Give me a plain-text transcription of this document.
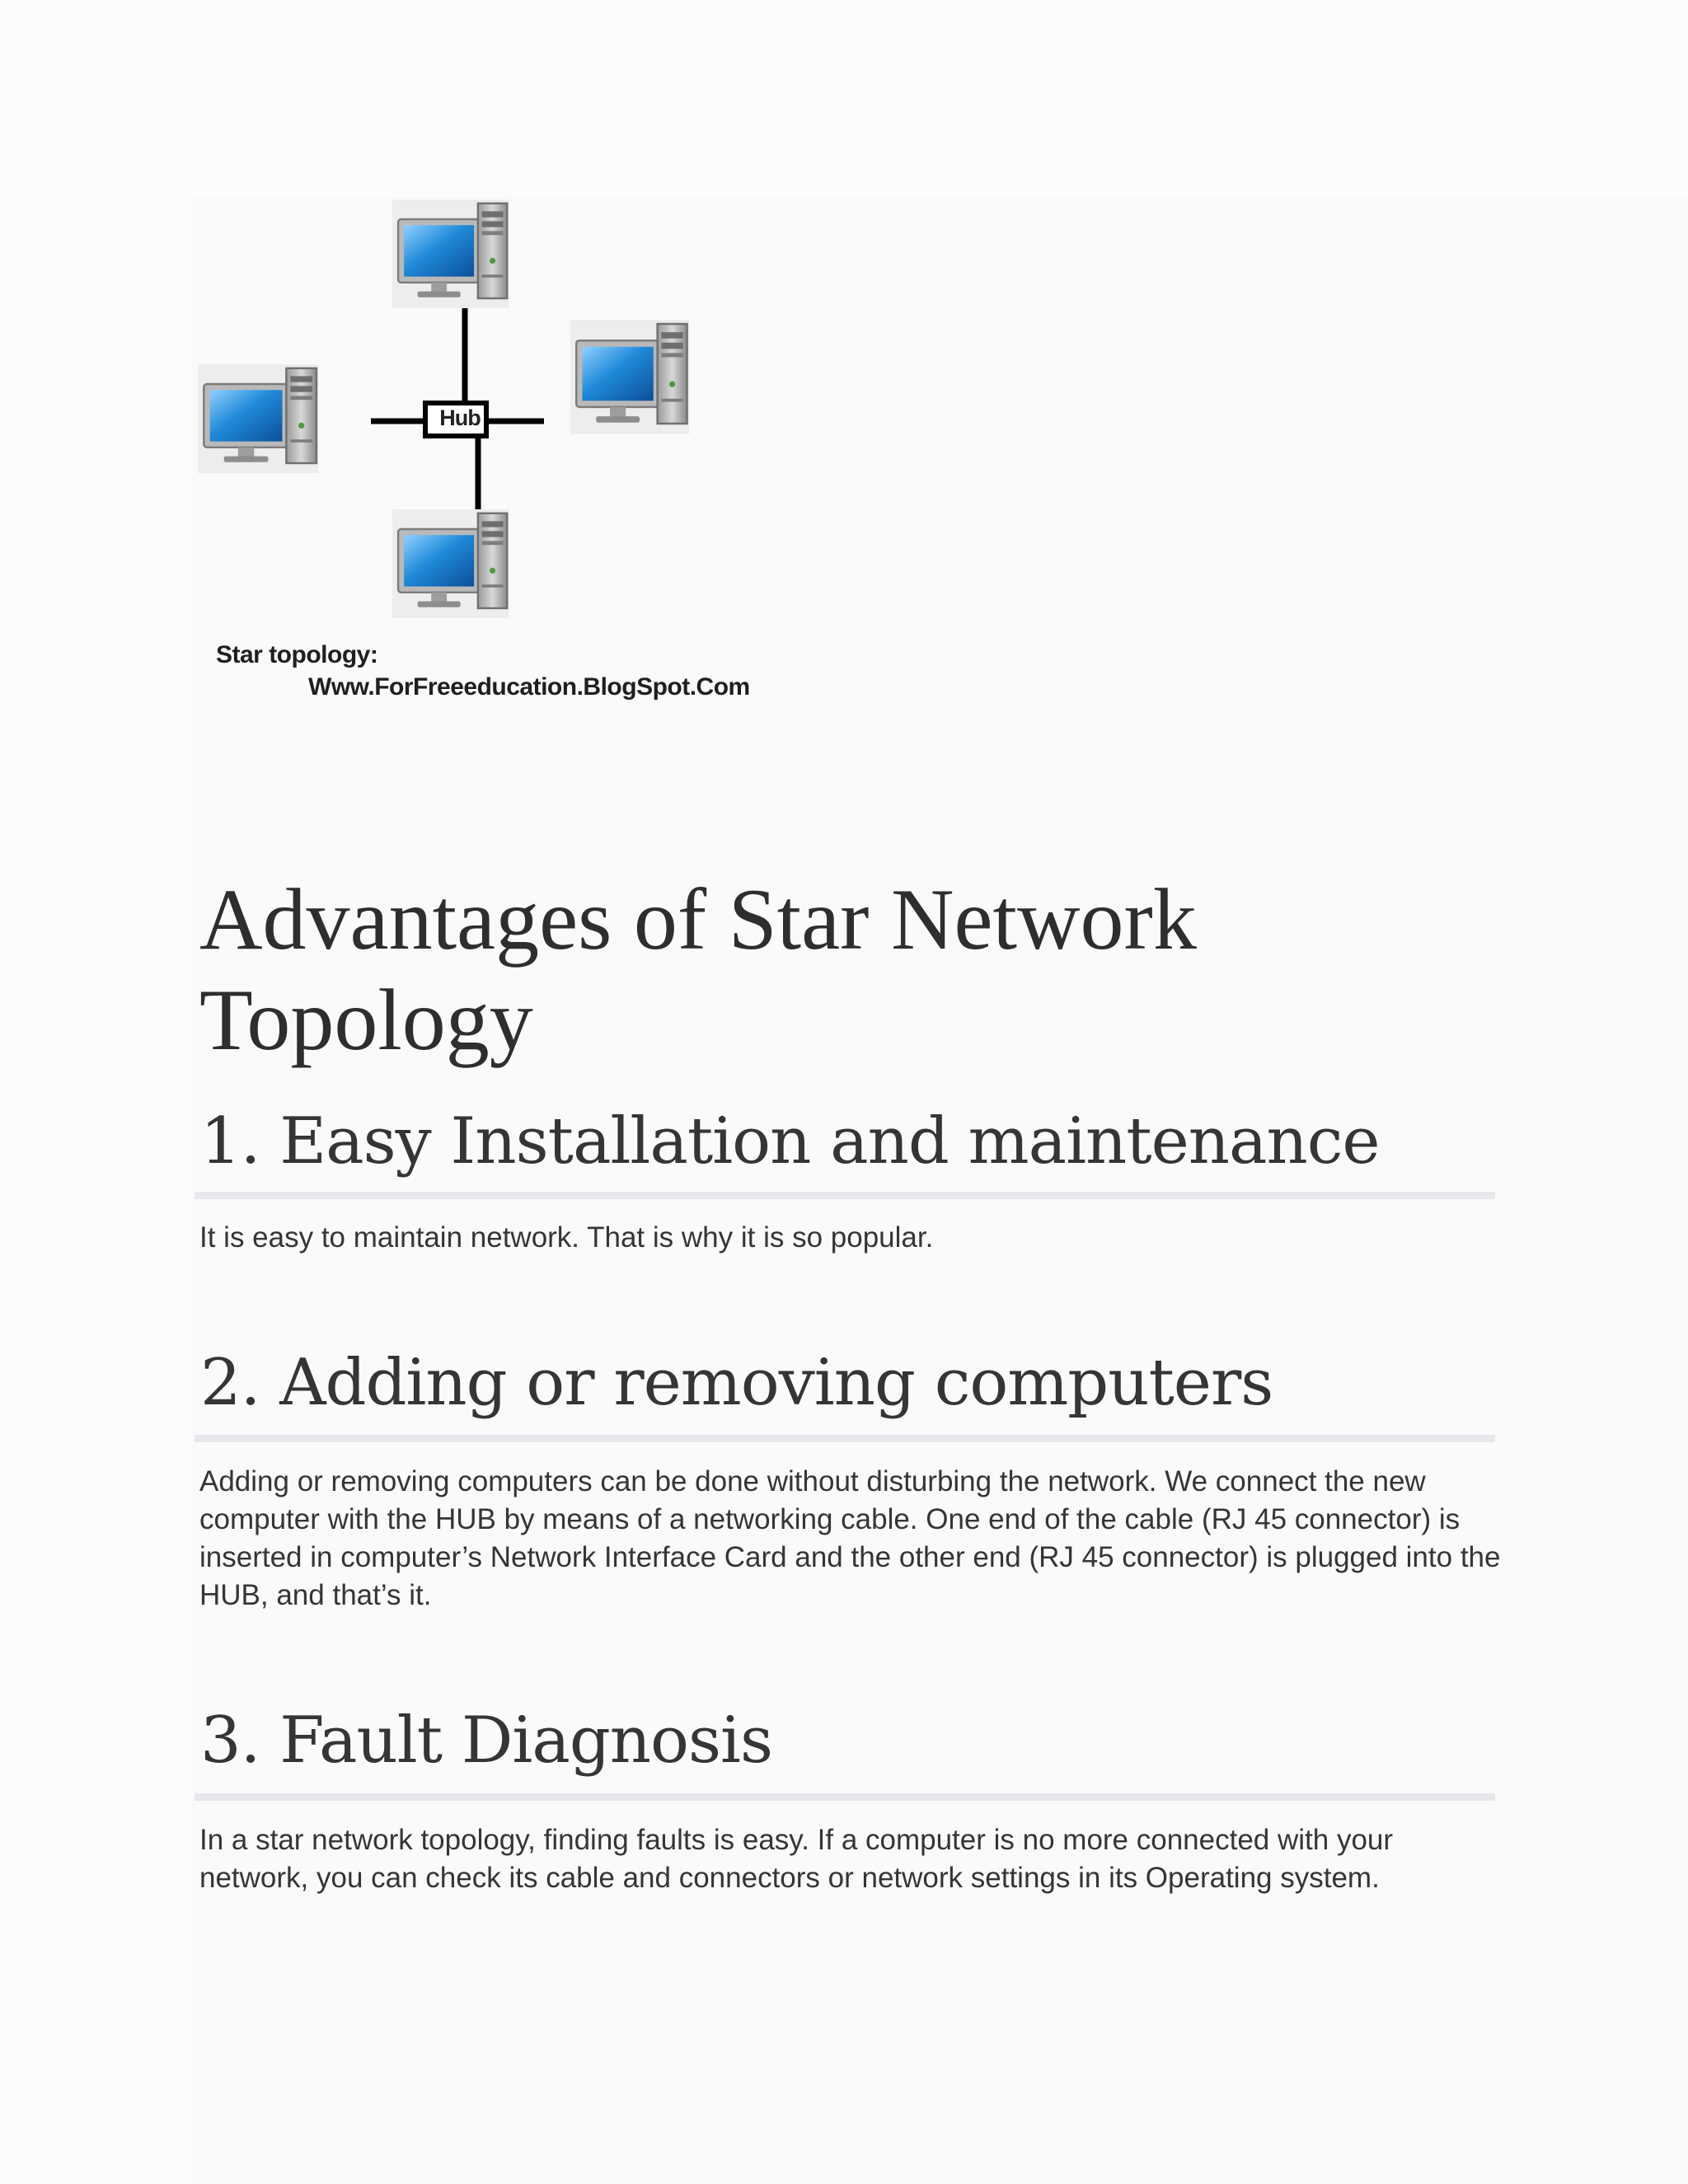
Hub
Star topology:
Www.ForFreeeducation.BlogSpot.Com
Advantages of Star Network Topology
1. Easy Installation and maintenance

It is easy to maintain network. That is why it is so popular.

2. Adding or removing computers

Adding or removing computers can be done without disturbing the network. We connect the new computer with the HUB by means of a networking cable. One end of the cable (RJ 45 connector) is inserted in computer’s Network Interface Card and the other end (RJ 45 connector) is plugged into the HUB, and that’s it.

3. Fault Diagnosis

In a star network topology, finding faults is easy. If a computer is no more connected with your network, you can check its cable and connectors or network settings in its Operating system.
